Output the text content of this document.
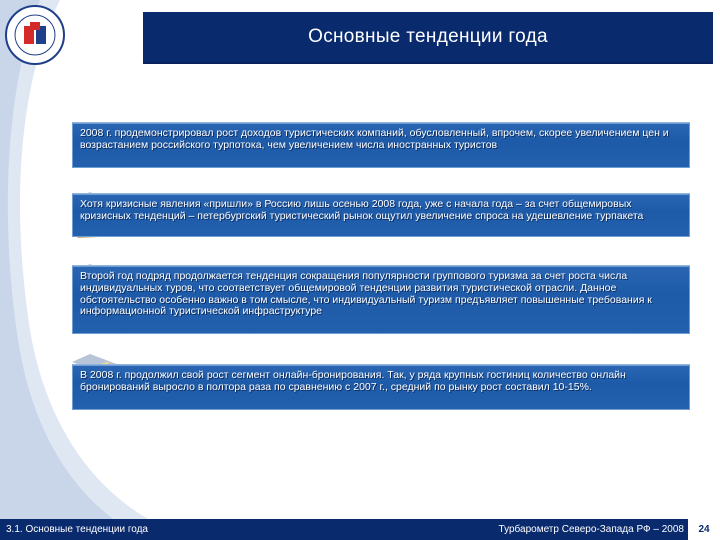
Основные тенденции года
2008 г. продемонстрировал рост доходов туристических компаний, обусловленный, впрочем, скорее увеличением цен и возрастанием российского турпотока, чем увеличением числа иностранных туристов
Хотя кризисные явления «пришли» в Россию лишь осенью 2008 года, уже с начала года – за счет общемировых кризисных тенденций – петербургский туристический рынок ощутил увеличение спроса на удешевление турпакета
Второй год подряд продолжается тенденция сокращения популярности группового туризма за счет роста числа индивидуальных туров, что соответствует общемировой тенденции развития туристической отрасли. Данное обстоятельство особенно важно в том смысле, что индивидуальный туризм предъявляет повышенные требования к информационной туристической инфраструктуре
В 2008 г. продолжил свой рост сегмент онлайн-бронирования. Так, у ряда крупных гостиниц количество онлайн бронирований выросло в полтора раза по сравнению с 2007 г., средний по рынку рост составил 10-15%.
3.1. Основные тенденции года	Турбарометр Северо-Запада РФ – 2008	24
